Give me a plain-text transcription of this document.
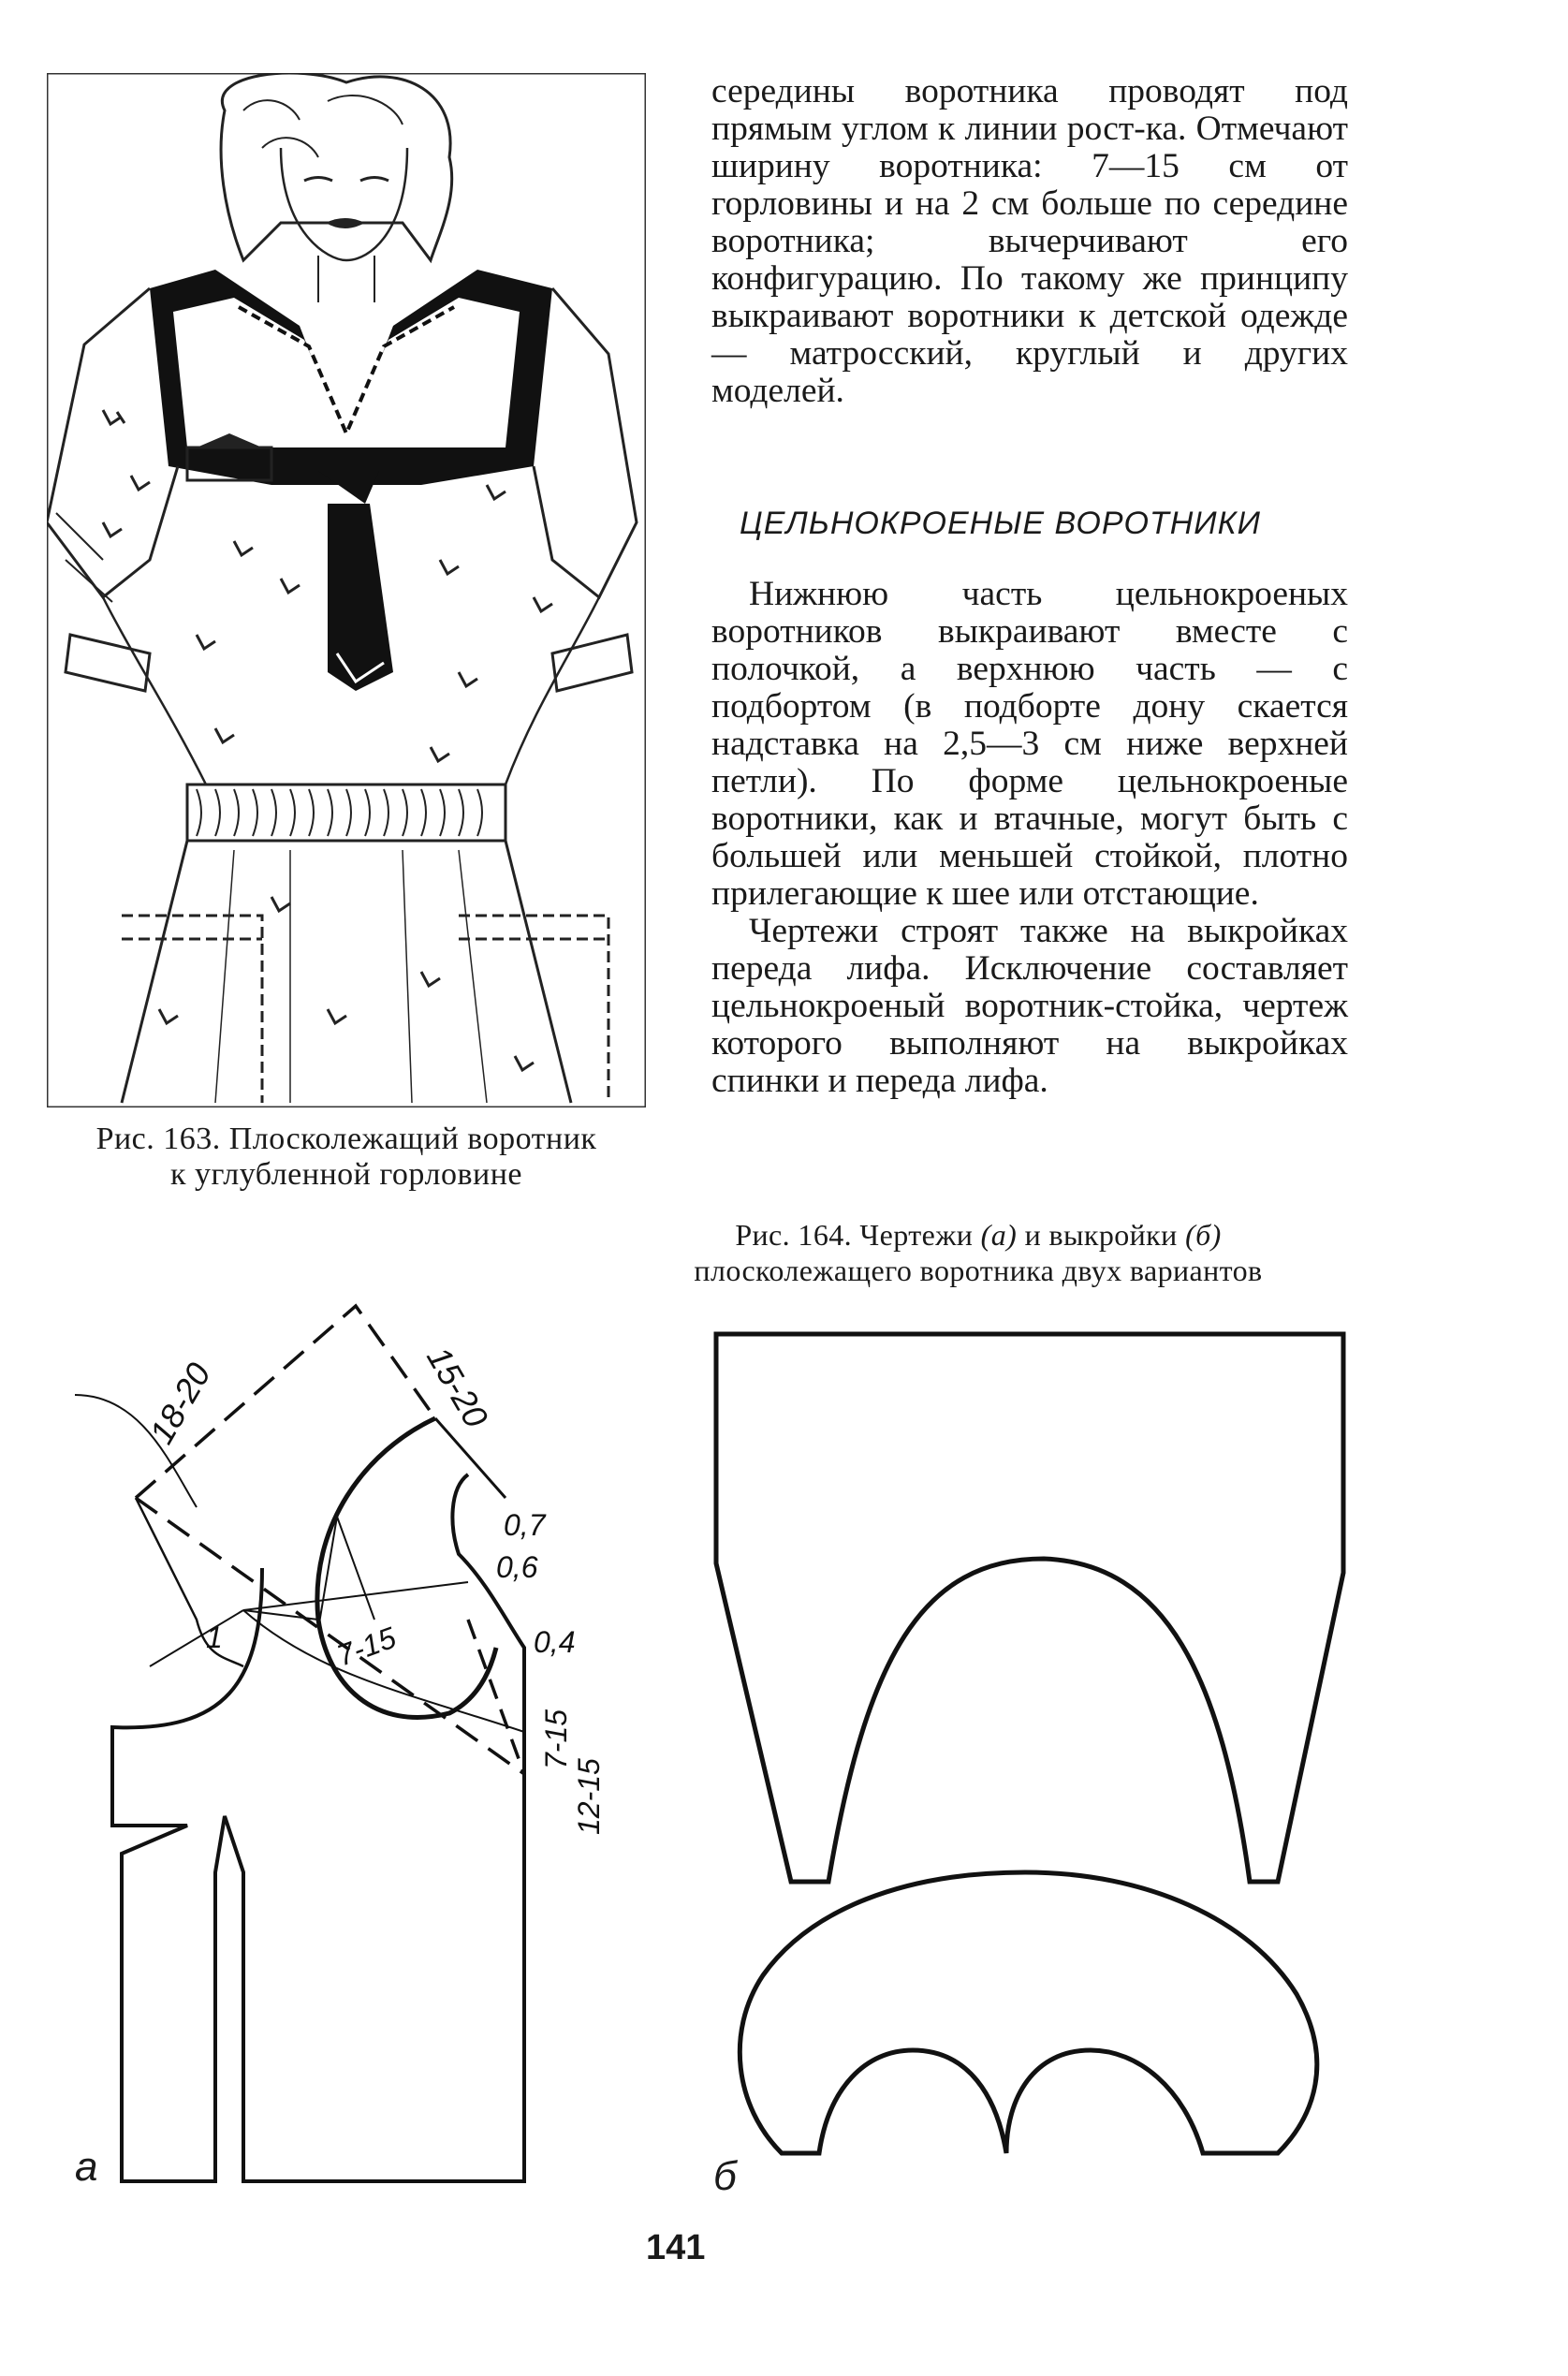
Рис. 163. Плосколежащий воротник
к углубленной горловине

середины воротника проводят под прямым углом к линии рост-ка. Отмечают ширину воротника: 7—15 см от горловины и на 2 см больше по середине воротника; вычерчивают его конфигурацию. По такому же принципу выкраивают воротники к детской одежде — матросский, круглый и других моделей.

ЦЕЛЬНОКРОЕНЫЕ ВОРОТНИКИ

Нижнюю часть цельнокроеных воротников выкраивают вместе с полочкой, а верхнюю часть — с подбортом (в подборте дону скается надставка на 2,5—3 см ниже верхней петли). По форме цельнокроеные воротники, как и втачные, могут быть с большей или меньшей стойкой, плотно прилегающие к шее или отстающие.

Чертежи строят также на выкройках переда лифа. Исключение составляет цельнокроеный воротник-стойка, чертеж которого выполняют на выкройках спинки и переда лифа.

Рис. 164. Чертежи (а) и выкройки (б)
плосколежащего воротника двух вариантов
15-20
18-20
0,7
0,6
7-15	0,4
1
7-15
12-15
а	б
141
